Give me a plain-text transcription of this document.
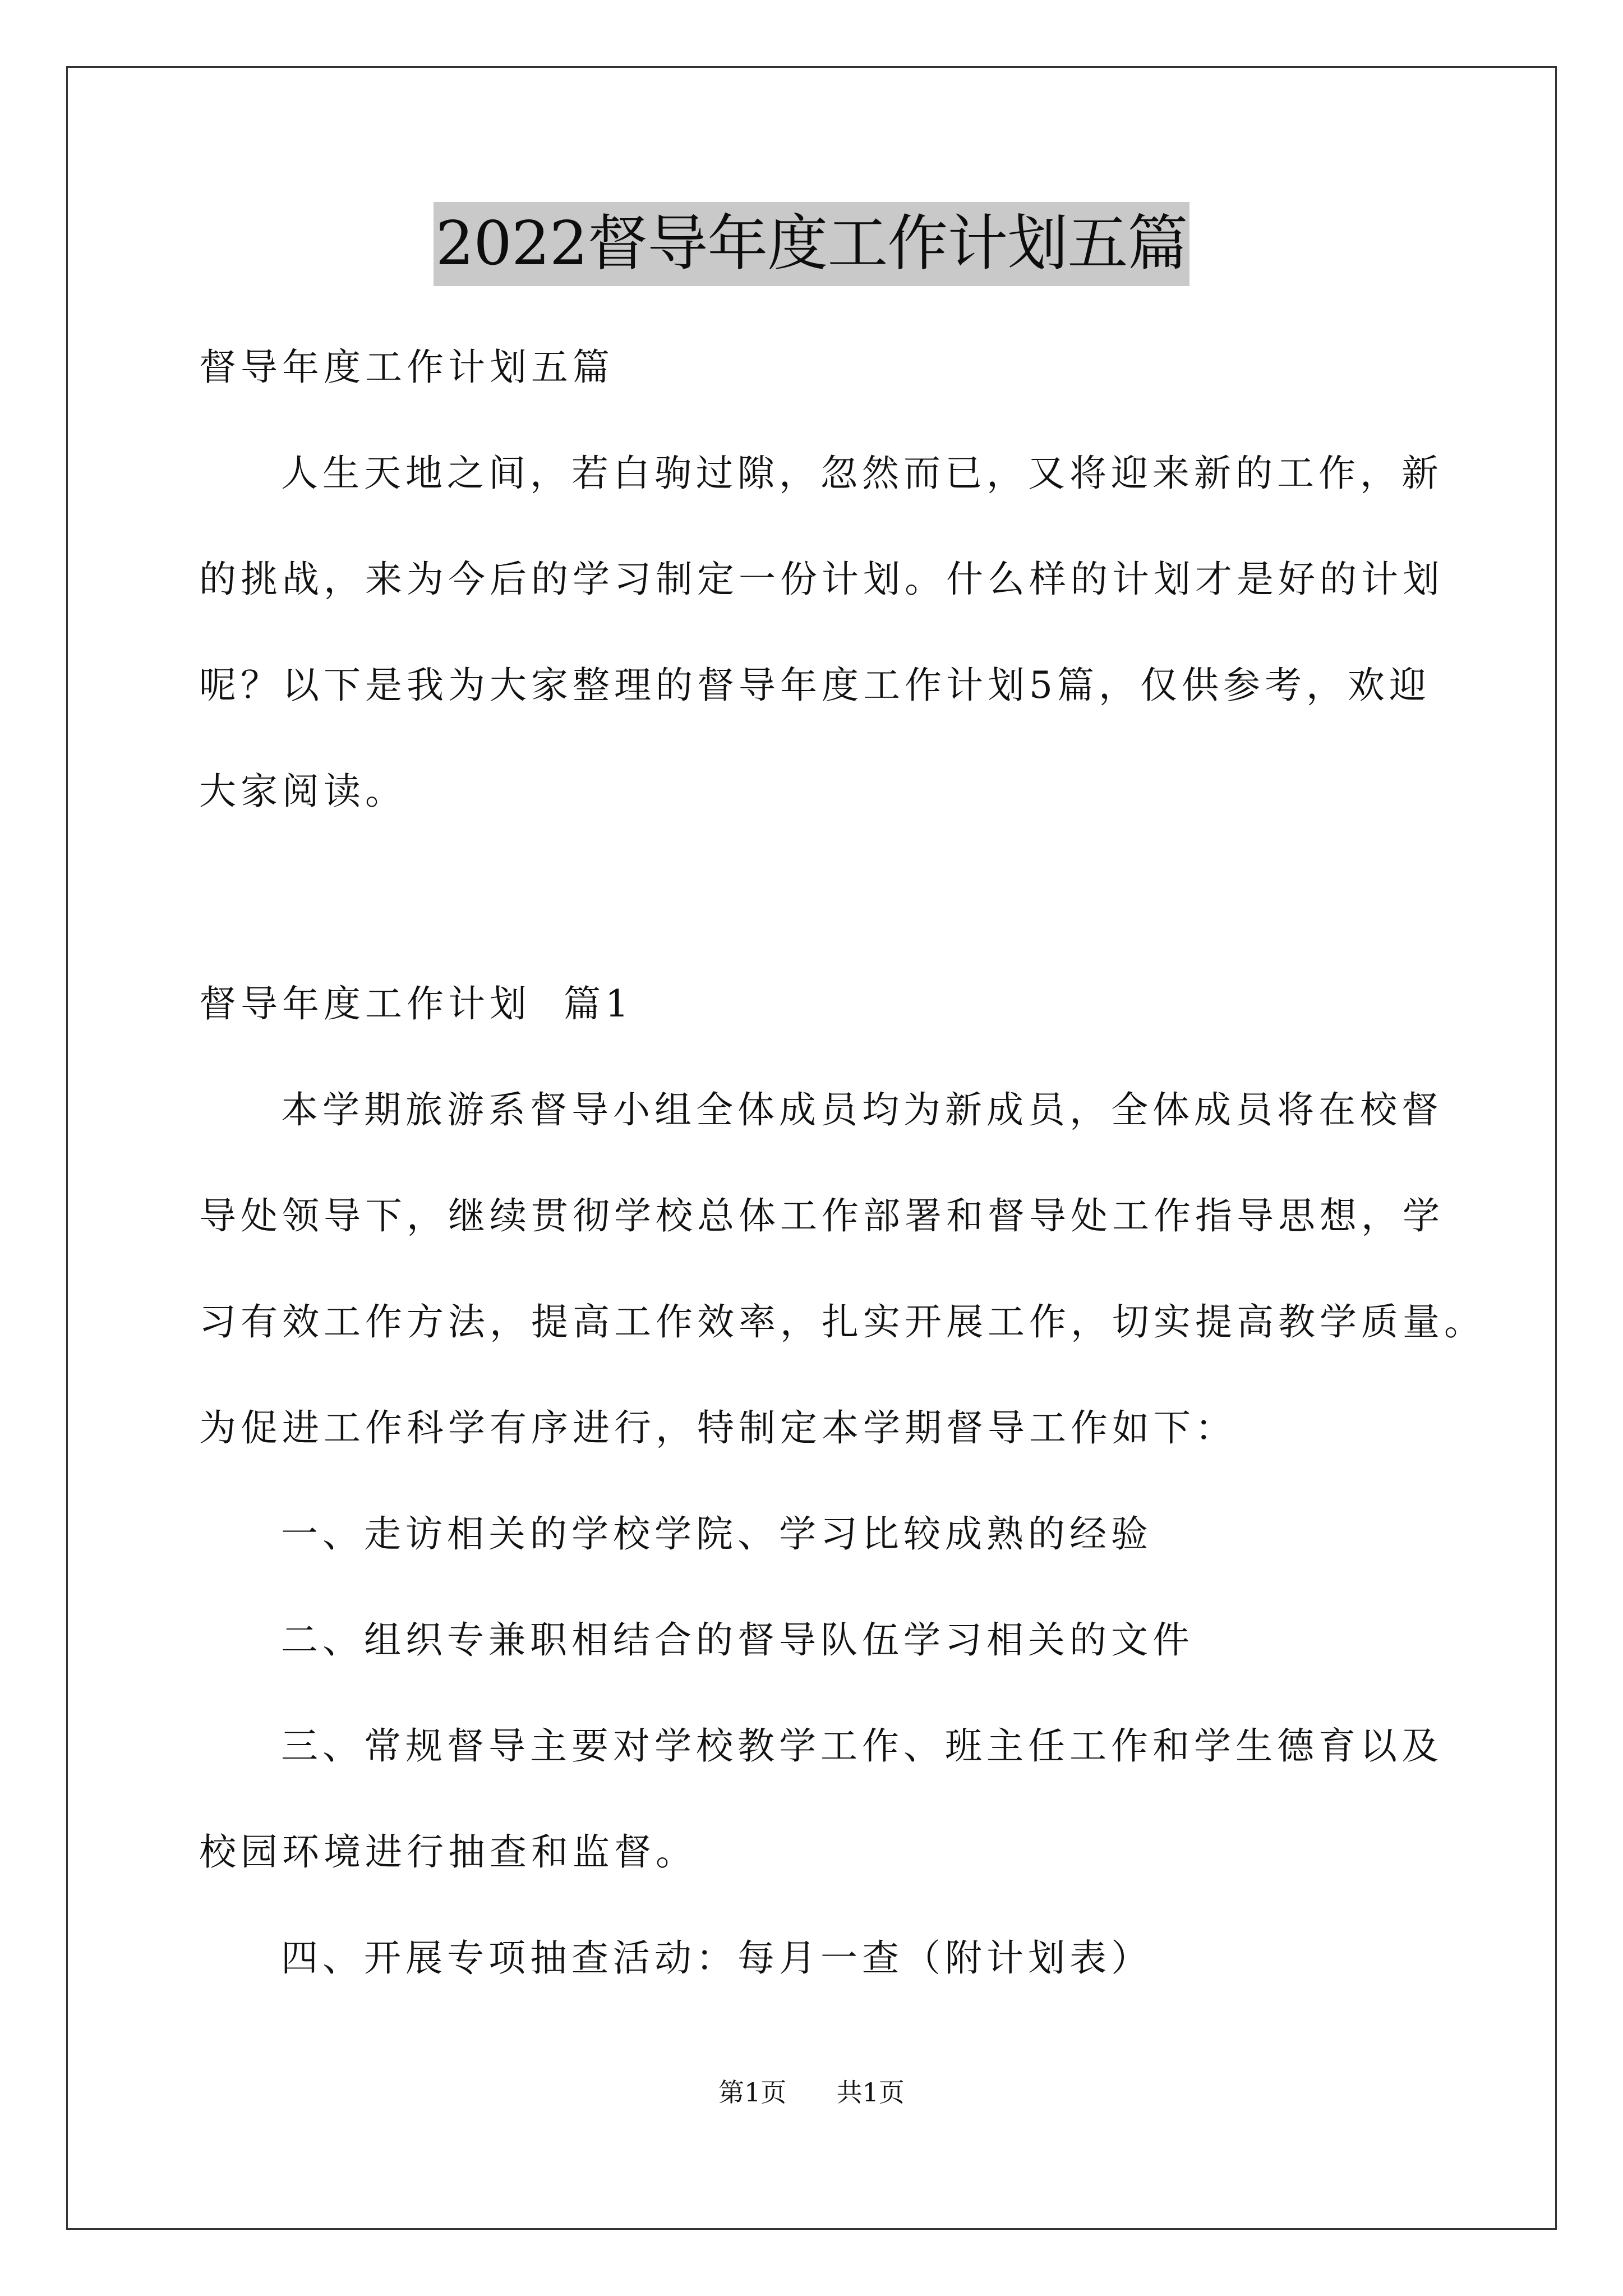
2022督导年度工作计划五篇
督导年度工作计划五篇
人生天地之间，若白驹过隙，忽然而已，又将迎来新的工作，新
的挑战，来为今后的学习制定一份计划。什么样的计划才是好的计划
呢？以下是我为大家整理的督导年度工作计划5篇，仅供参考，欢迎
大家阅读。
督导年度工作计划  篇1
本学期旅游系督导小组全体成员均为新成员，全体成员将在校督
导处领导下，继续贯彻学校总体工作部署和督导处工作指导思想，学
习有效工作方法，提高工作效率，扎实开展工作，切实提高教学质量。
为促进工作科学有序进行，特制定本学期督导工作如下：
一、走访相关的学校学院、学习比较成熟的经验
二、组织专兼职相结合的督导队伍学习相关的文件
三、常规督导主要对学校教学工作、班主任工作和学生德育以及
校园环境进行抽查和监督。
四、开展专项抽查活动：每月一查（附计划表）
第1页 共1页
